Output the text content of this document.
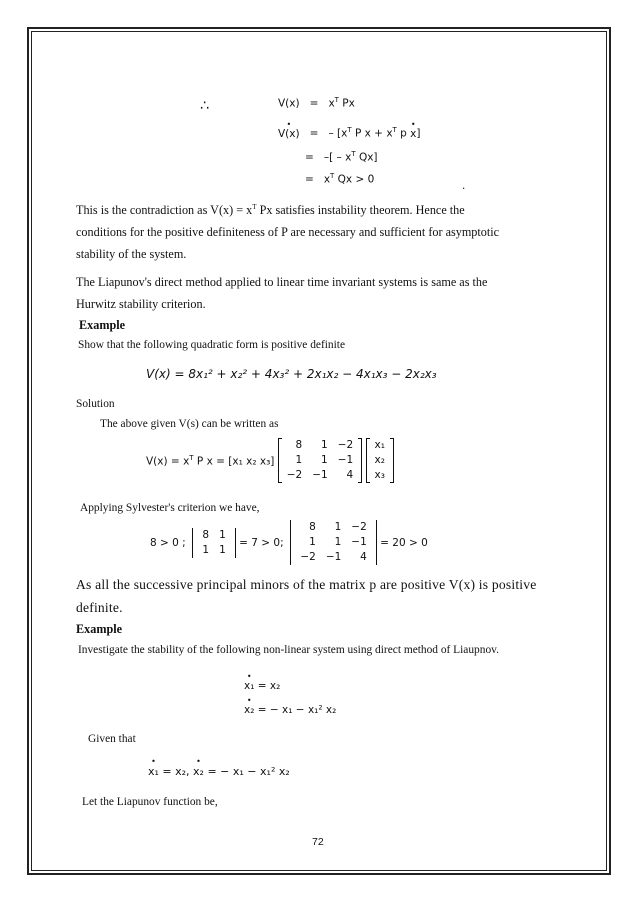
∴	$V(x) = x^T$ Px
• V(x) = – [$x^T$ P $x + x^T$ p • x]
= –[ – $x^T$ Qx]
= $x^T$ Qx > 0
.
This is the contradiction as $V(x) = x^T$ Px satisfies instability theorem. Hence the
conditions for the positive definiteness of P are necessary and sufficient for asymptotic
stability of the system.
The Liapunov's direct method applied to linear time invariant systems is same as the
Hurwitz stability criterion.
Example
Show that the following quadratic form is positive definite
V(x) = 8x₁² + x₂² + 4x₃² + 2x₁x₂ − 4x₁x₃ − 2x₂x₃
Solution
The above given V(s) can be written as
$V(x) = x^T$ P x = [x₁ x₂ x₃]
8	1	−2
1	1	−1
−2	−1	4

x₁
x₂
x₃
Applying Sylvester's criterion we have,
8 > 0 ;
8	1
1	1
= 7 > 0;
8	1	−2
1	1	−1
−2	−1	4
= 20 > 0
As all the successive principal minors of the matrix p are positive V(x) is positive
definite.
Example
Investigate the stability of the following non-linear system using direct method of Liaupnov.
• x₁ = x₂
• x₂ = − x₁ − x₁² x₂
Given that
• x₁ = x₂, • x₂ = − x₁ − x₁² x₂
Let the Liapunov function be,
72
